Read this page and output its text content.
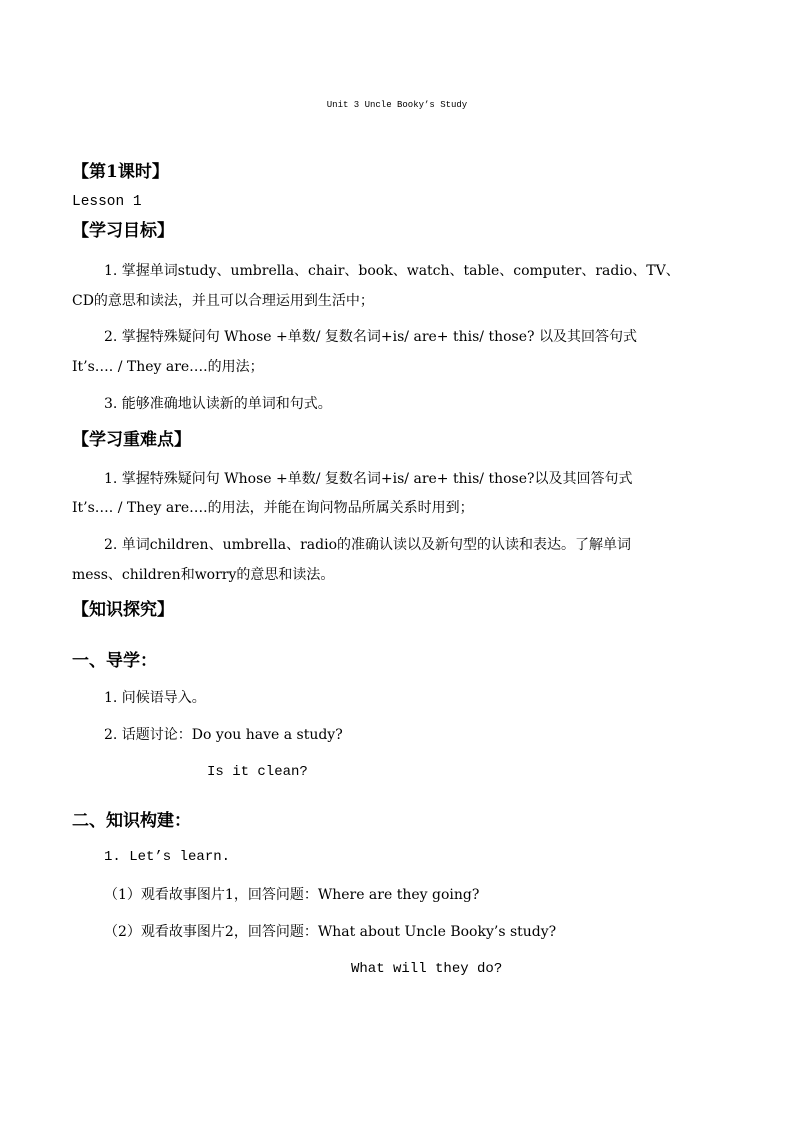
Unit 3 Uncle Booky’s Study
【第1课时】
Lesson 1
【学习目标】
1. 掌握单词study、umbrella、chair、book、watch、table、computer、radio、TV、
CD的意思和读法，并且可以合理运用到生活中；
2. 掌握特殊疑问句 Whose +单数/ 复数名词+is/ are+ this/ those? 以及其回答句式
It’s…. / They are….的用法；
3. 能够准确地认读新的单词和句式。
【学习重难点】
1. 掌握特殊疑问句 Whose +单数/ 复数名词+is/ are+ this/ those?以及其回答句式
It’s…. / They are….的用法，并能在询问物品所属关系时用到；
2. 单词children、umbrella、radio的准确认读以及新句型的认读和表达。了解单词
mess、children和worry的意思和读法。
【知识探究】
一、导学：
1. 问候语导入。
2. 话题讨论：Do you have a study?
Is it clean?
二、知识构建：
1. Let’s learn.
（1）观看故事图片1，回答问题：Where are they going?
（2）观看故事图片2，回答问题：What about Uncle Booky’s study?
What will they do?
